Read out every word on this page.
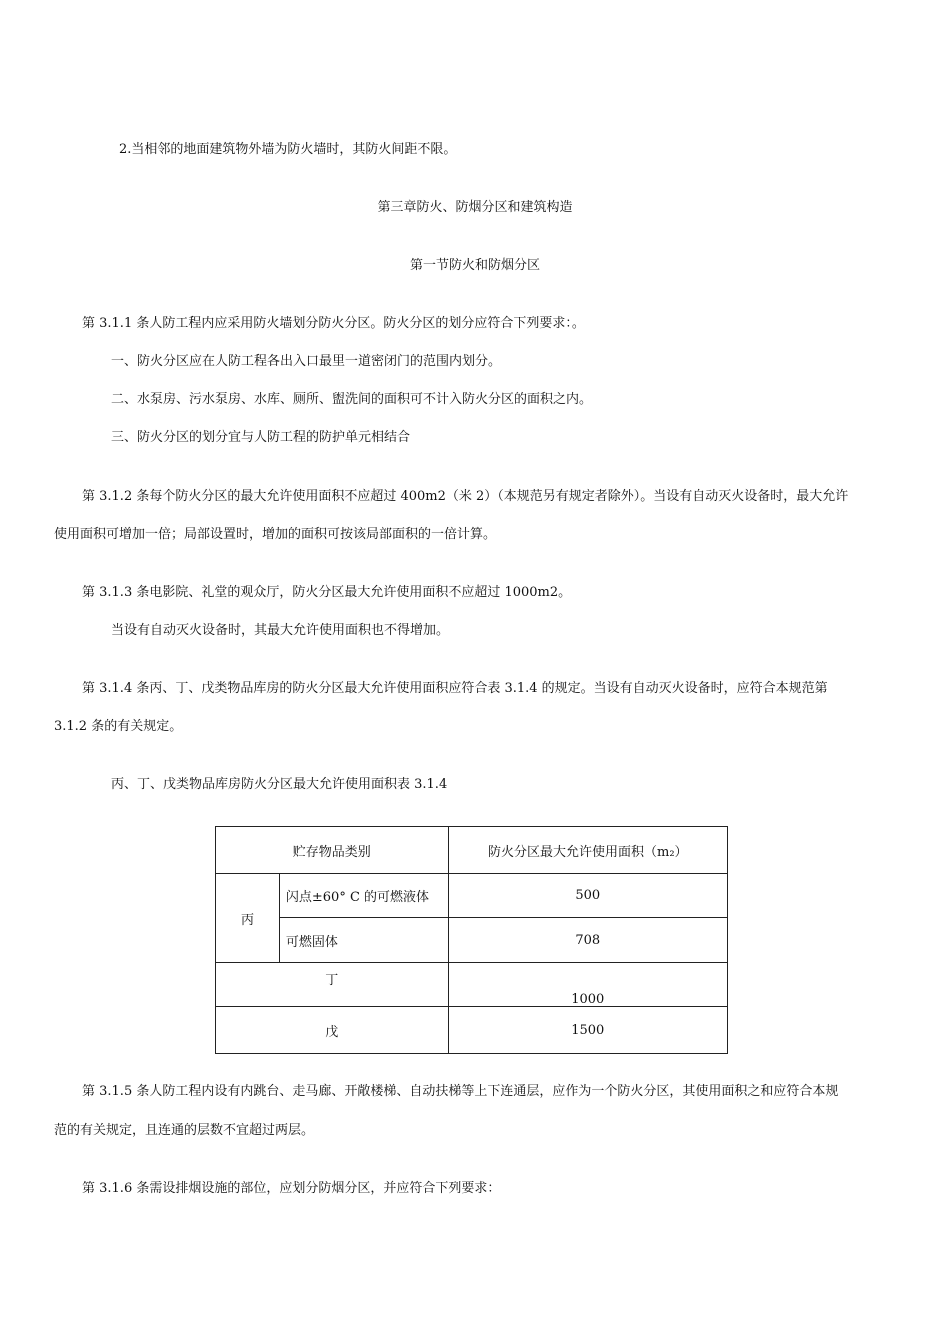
2.当相邻的地面建筑物外墙为防火墙时，其防火间距不限。
第三章防火、防烟分区和建筑构造
第一节防火和防烟分区
第 3.1.1 条人防工程内应采用防火墙划分防火分区。防火分区的划分应符合下列要求：。
一、防火分区应在人防工程各出入口最里一道密闭门的范围内划分。
二、水泵房、污水泵房、水库、厕所、盥洗间的面积可不计入防火分区的面积之内。
三、防火分区的划分宜与人防工程的防护单元相结合
第 3.1.2 条每个防火分区的最大允许使用面积不应超过 400m2（米 2）（本规范另有规定者除外）。当设有自动灭火设备时，最大允许
使用面积可增加一倍；局部设置时，增加的面积可按该局部面积的一倍计算。
第 3.1.3 条电影院、礼堂的观众厅，防火分区最大允许使用面积不应超过 1000m2。
当设有自动灭火设备时，其最大允许使用面积也不得增加。
第 3.1.4 条丙、丁、戊类物品库房的防火分区最大允许使用面积应符合表 3.1.4 的规定。当设有自动灭火设备时，应符合本规范第
3.1.2 条的有关规定。
丙、丁、戊类物品库房防火分区最大允许使用面积表 3.1.4
贮存物品类别		防火分区最大允许使用面积（m₂）
丙	闪点±60° C 的可燃液体	500
	可燃固体	708
丁		1000
戊		1500
第 3.1.5 条人防工程内设有内跳台、走马廊、开敞楼梯、自动扶梯等上下连通层，应作为一个防火分区，其使用面积之和应符合本规
范的有关规定，且连通的层数不宜超过两层。
第 3.1.6 条需设排烟设施的部位，应划分防烟分区，并应符合下列要求：
